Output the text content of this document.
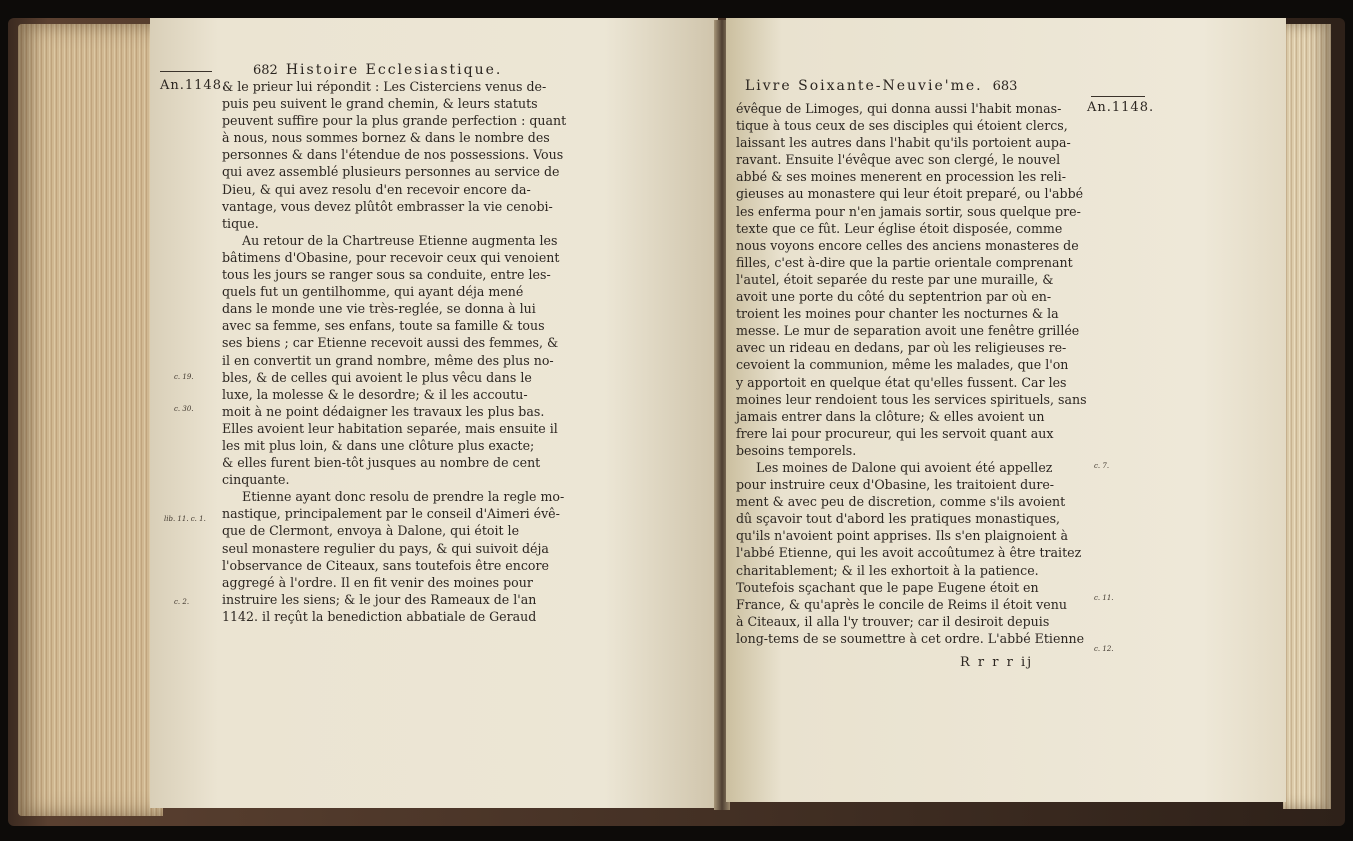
682 Histoire Ecclesiastique.
An.1148.
& le prieur lui répondit : Les Cisterciens venus de-
puis peu suivent le grand chemin, & leurs statuts
peuvent suffire pour la plus grande perfection : quant
à nous, nous sommes bornez & dans le nombre des
personnes & dans l'étendue de nos possessions. Vous
qui avez assemblé plusieurs personnes au service de
Dieu, & qui avez resolu d'en recevoir encore da-
vantage, vous devez plûtôt embrasser la vie cenobi-
tique.
Au retour de la Chartreuse Etienne augmenta les
bâtimens d'Obasine, pour recevoir ceux qui venoient
tous les jours se ranger sous sa conduite, entre les-
quels fut un gentilhomme, qui ayant déja mené
dans le monde une vie très-reglée, se donna à lui
avec sa femme, ses enfans, toute sa famille & tous
ses biens ; car Etienne recevoit aussi des femmes, &
il en convertit un grand nombre, même des plus no-
bles, & de celles qui avoient le plus vêcu dans le
luxe, la molesse & le desordre; & il les accoutu-
moit à ne point dédaigner les travaux les plus bas.
Elles avoient leur habitation separée, mais ensuite il
les mit plus loin, & dans une clôture plus exacte;
& elles furent bien-tôt jusques au nombre de cent
cinquante.
Etienne ayant donc resolu de prendre la regle mo-
nastique, principalement par le conseil d'Aimeri évê-
que de Clermont, envoya à Dalone, qui étoit le
seul monastere regulier du pays, & qui suivoit déja
l'observance de Citeaux, sans toutefois être encore
aggregé à l'ordre. Il en fit venir des moines pour
instruire les siens; & le jour des Rameaux de l'an
1142. il reçût la benediction abbatiale de Geraud
c. 19.
c. 30.
lib. 11. c. 1.
c. 2.
Livre Soixante-Neuvie'me. 683
An.1148.
évêque de Limoges, qui donna aussi l'habit monas-
tique à tous ceux de ses disciples qui étoient clercs,
laissant les autres dans l'habit qu'ils portoient aupa-
ravant. Ensuite l'évêque avec son clergé, le nouvel
abbé & ses moines menerent en procession les reli-
gieuses au monastere qui leur étoit preparé, ou l'abbé
les enferma pour n'en jamais sortir, sous quelque pre-
texte que ce fût. Leur église étoit disposée, comme
nous voyons encore celles des anciens monasteres de
filles, c'est à-dire que la partie orientale comprenant
l'autel, étoit separée du reste par une muraille, &
avoit une porte du côté du septentrion par où en-
troient les moines pour chanter les nocturnes & la
messe. Le mur de separation avoit une fenêtre grillée
avec un rideau en dedans, par où les religieuses re-
cevoient la communion, même les malades, que l'on
y apportoit en quelque état qu'elles fussent. Car les
moines leur rendoient tous les services spirituels, sans
jamais entrer dans la clôture; & elles avoient un
frere lai pour procureur, qui les servoit quant aux
besoins temporels.
Les moines de Dalone qui avoient été appellez
pour instruire ceux d'Obasine, les traitoient dure-
ment & avec peu de discretion, comme s'ils avoient
dû sçavoir tout d'abord les pratiques monastiques,
qu'ils n'avoient point apprises. Ils s'en plaignoient à
l'abbé Etienne, qui les avoit accoûtumez à être traitez
charitablement; & il les exhortoit à la patience.
Toutefois sçachant que le pape Eugene étoit en
France, & qu'après le concile de Reims il étoit venu
à Citeaux, il alla l'y trouver; car il desiroit depuis
long-tems de se soumettre à cet ordre. L'abbé Etienne
c. 7.
c. 11.
c. 12.
R r r r ij
